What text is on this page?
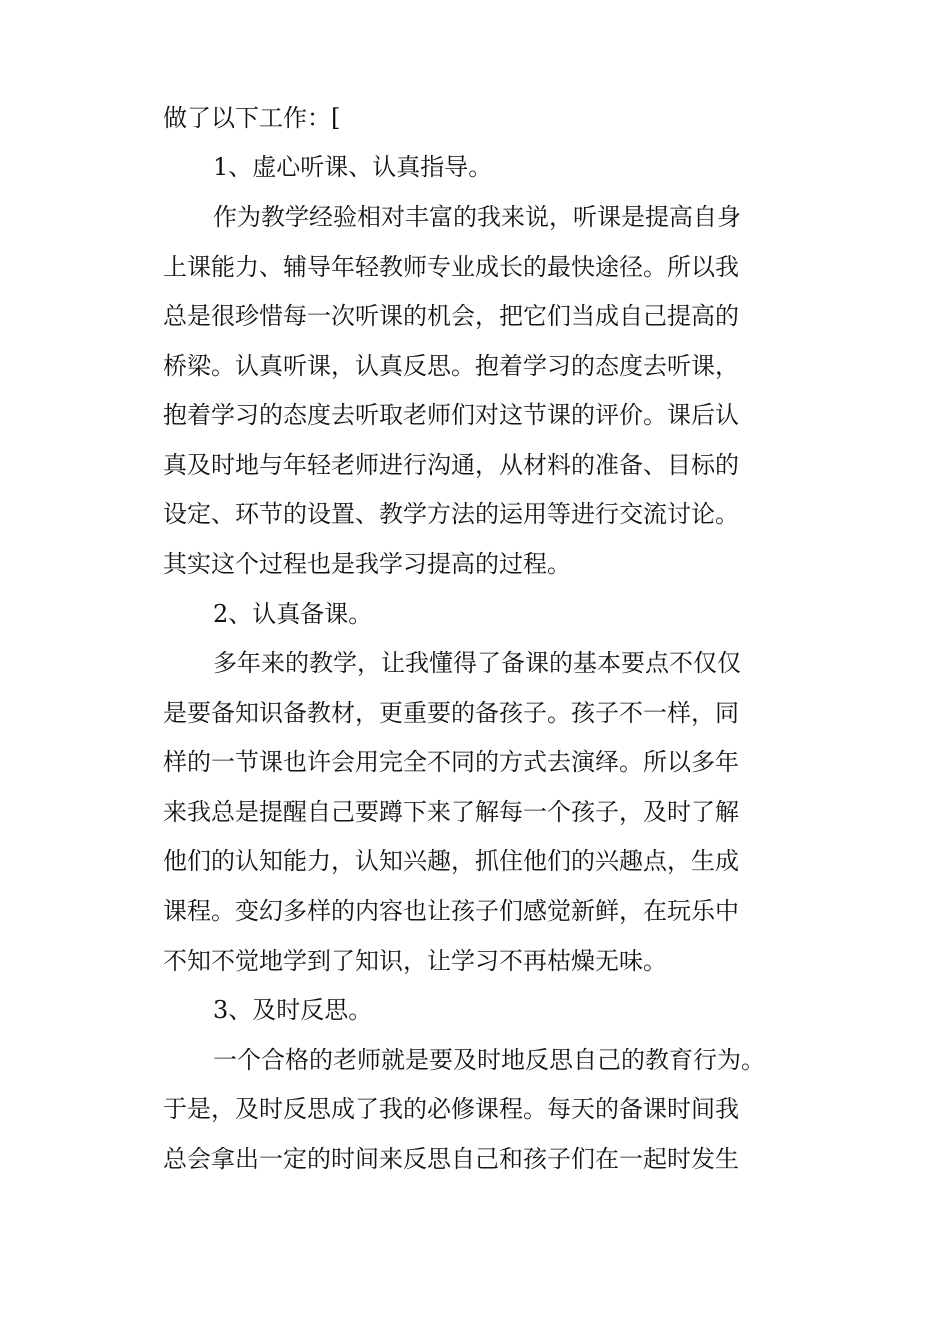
做了以下工作：[
1、虚心听课、认真指导。
作为教学经验相对丰富的我来说，听课是提高自身
上课能力、辅导年轻教师专业成长的最快途径。所以我
总是很珍惜每一次听课的机会，把它们当成自己提高的
桥梁。认真听课，认真反思。抱着学习的态度去听课，
抱着学习的态度去听取老师们对这节课的评价。课后认
真及时地与年轻老师进行沟通，从材料的准备、目标的
设定、环节的设置、教学方法的运用等进行交流讨论。
其实这个过程也是我学习提高的过程。
2、认真备课。
多年来的教学，让我懂得了备课的基本要点不仅仅
是要备知识备教材，更重要的备孩子。孩子不一样，同
样的一节课也许会用完全不同的方式去演绎。所以多年
来我总是提醒自己要蹲下来了解每一个孩子，及时了解
他们的认知能力，认知兴趣，抓住他们的兴趣点，生成
课程。变幻多样的内容也让孩子们感觉新鲜，在玩乐中
不知不觉地学到了知识，让学习不再枯燥无味。
3、及时反思。
一个合格的老师就是要及时地反思自己的教育行为。
于是，及时反思成了我的必修课程。每天的备课时间我
总会拿出一定的时间来反思自己和孩子们在一起时发生
